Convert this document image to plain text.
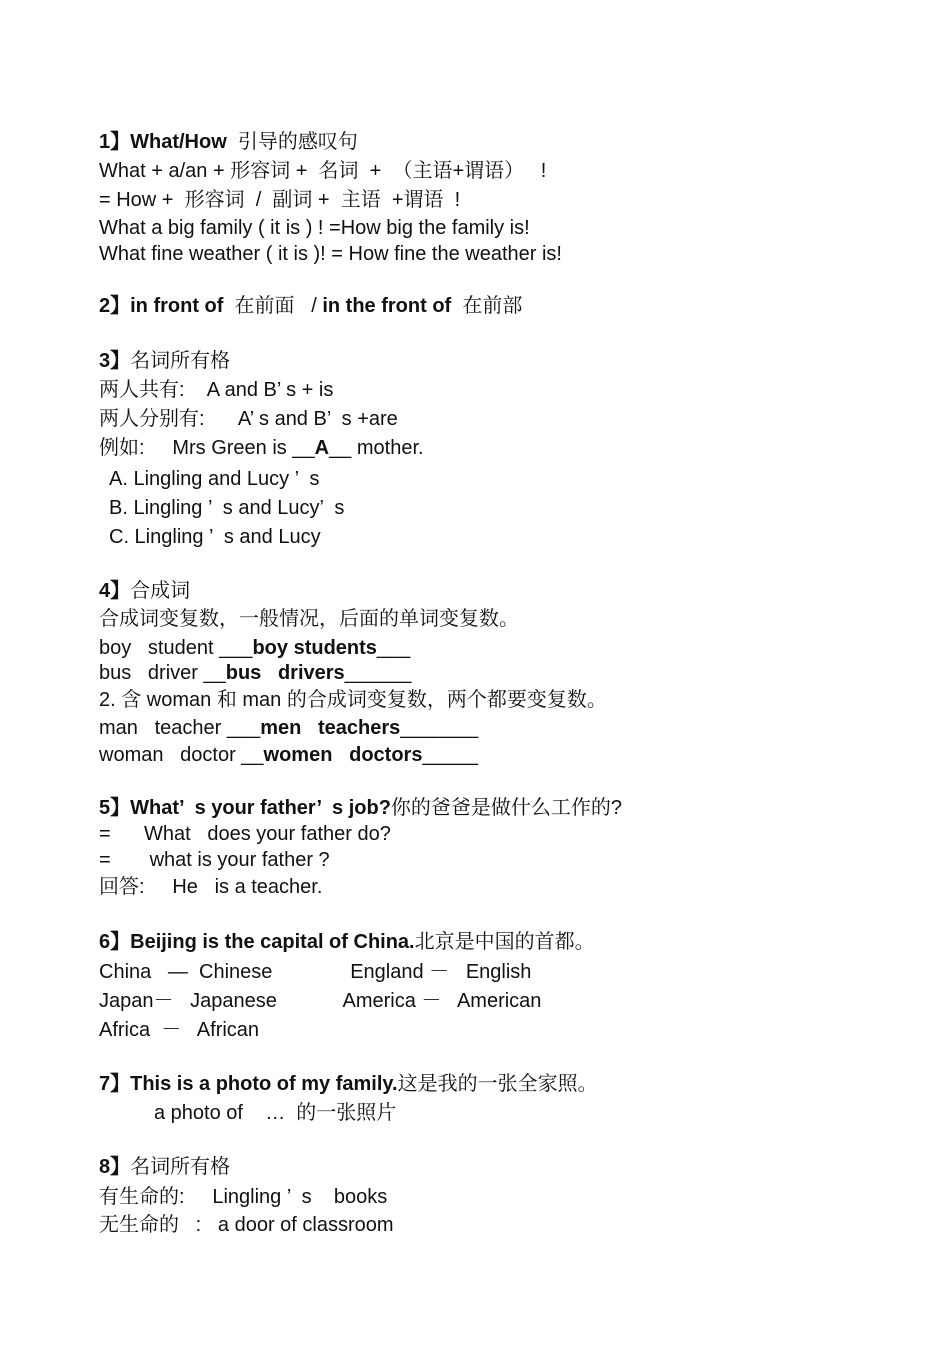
1】What/How  引导的感叹句
What + a/an + 形容词 +  名词  +  （主语+谓语）   !
= How +  形容词  /  副词 +  主语  +谓语  !
What a big family ( it is ) ! =How big the family is!
What fine weather ( it is )! = How fine the weather is!
2】in front of  在前面   / in the front of  在前部
3】名词所有格
两人共有:    A and B’ s + is
两人分别有:      A’ s and B’  s +are
例如:     Mrs Green is __A__ mother.
A. Lingling and Lucy ’  s
B. Lingling ’  s and Lucy’  s
C. Lingling ’  s and Lucy
4】合成词
合成词变复数，一般情况，后面的单词变复数。
boy   student ___boy students___
bus   driver __bus   drivers______
2. 含 woman 和 man 的合成词变复数，两个都要变复数。
man   teacher ___men   teachers_______
woman   doctor __women   doctors_____
5】What’  s your father’  s job?你的爸爸是做什么工作的?
=      What   does your father do?
=       what is your father ?
回答:     He   is a teacher.
6】Beijing is the capital of China.北京是中国的首都。
China   —  Chinese              England －   English
Japan－   Japanese            America －   American
Africa  －   African
7】This is a photo of my family.这是我的一张全家照。
a photo of    …  的一张照片
8】名词所有格
有生命的:     Lingling ’  s    books
无生命的   :   a door of classroom
